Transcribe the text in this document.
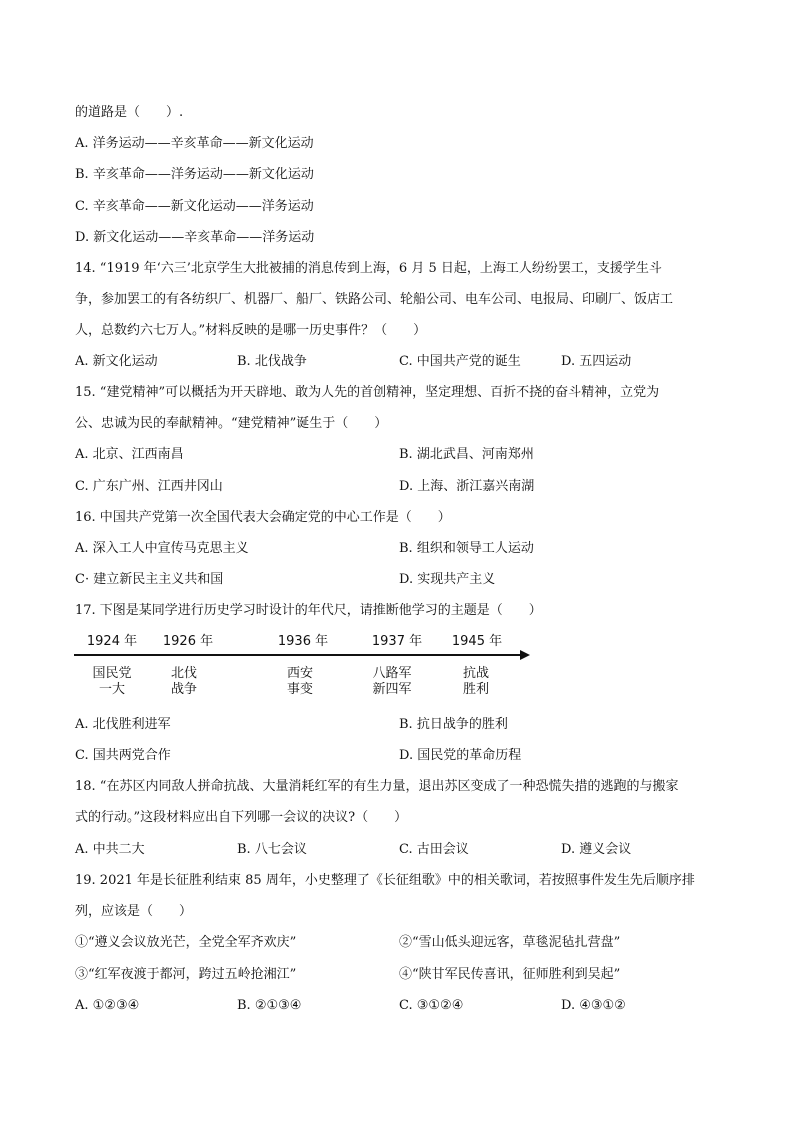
的道路是（　　）.
A. 洋务运动——辛亥革命——新文化运动
B. 辛亥革命——洋务运动——新文化运动
C. 辛亥革命——新文化运动——洋务运动
D. 新文化运动——辛亥革命——洋务运动
14. “1919 年‘六三’北京学生大批被捕的消息传到上海，6 月 5 日起，上海工人纷纷罢工，支援学生斗
争，参加罢工的有各纺织厂、机器厂、船厂、铁路公司、轮船公司、电车公司、电报局、印刷厂、饭店工
人，总数约六七万人。”材料反映的是哪一历史事件？（　　）
A. 新文化运动	B. 北伐战争	C. 中国共产党的诞生	D. 五四运动
15. “建党精神”可以概括为开天辟地、敢为人先的首创精神，坚定理想、百折不挠的奋斗精神，立党为
公、忠诚为民的奉献精神。“建党精神”诞生于（　　）
A. 北京、江西南昌	B. 湖北武昌、河南郑州
C. 广东广州、江西井冈山	D. 上海、浙江嘉兴南湖
16. 中国共产党第一次全国代表大会确定党的中心工作是（　　）
A. 深入工人中宣传马克思主义	B. 组织和领导工人运动
C· 建立新民主主义共和国	D. 实现共产主义
17. 下图是某同学进行历史学习时设计的年代尺，请推断他学习的主题是（　　）
1924 年 1926 年	1936 年	1937 年 1945 年
国民党
一大
北伐
战争
西安
事变
八路军
新四军
抗战
胜利
A. 北伐胜利进军	B. 抗日战争的胜利
C. 国共两党合作	D. 国民党的革命历程
18. “在苏区内同敌人拼命抗战、大量消耗红军的有生力量，退出苏区变成了一种恐慌失措的逃跑的与搬家
式的行动。”这段材料应出自下列哪一会议的决议?（　　）
A. 中共二大	B. 八七会议	C. 古田会议	D. 遵义会议
19. 2021 年是长征胜利结束 85 周年，小史整理了《长征组歌》中的相关歌词，若按照事件发生先后顺序排
列，应该是（　　）
①“遵义会议放光芒，全党全军齐欢庆”	②“雪山低头迎远客，草毯泥毡扎营盘”
③“红军夜渡于都河，跨过五岭抢湘江”	④“陕甘军民传喜讯，征师胜利到吴起”
A. ①②③④	B. ②①③④	C. ③①②④	D. ④③①②
